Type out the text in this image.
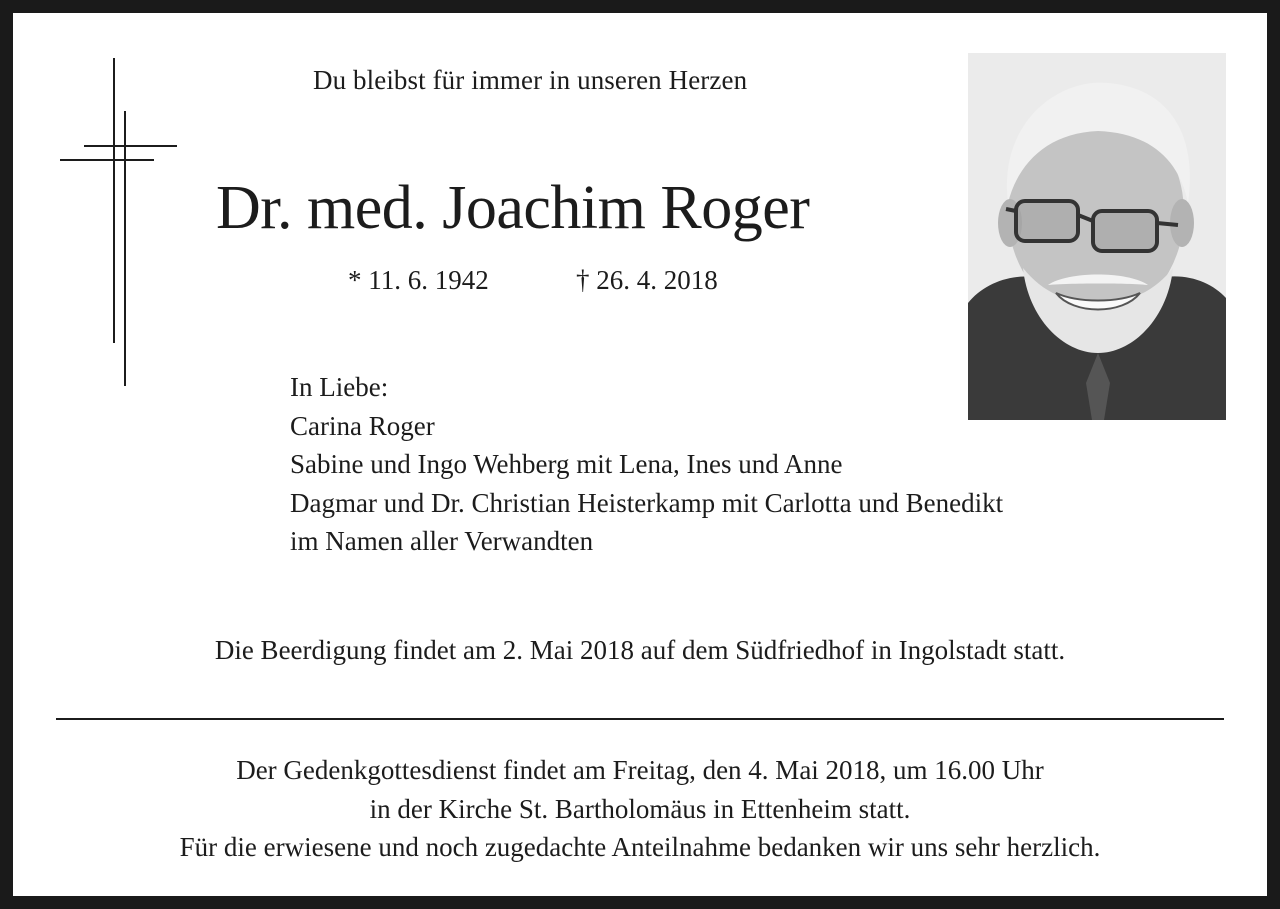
Du bleibst für immer in unseren Herzen
Dr. med. Joachim Roger
* 11. 6. 1942	† 26. 4. 2018
In Liebe:
Carina Roger
Sabine und Ingo Wehberg mit Lena, Ines und Anne
Dagmar und Dr. Christian Heisterkamp mit Carlotta und Benedikt
im Namen aller Verwandten
Die Beerdigung findet am 2. Mai 2018 auf dem Südfriedhof in Ingolstadt statt.
Der Gedenkgottesdienst findet am Freitag, den 4. Mai 2018, um 16.00 Uhr
in der Kirche St. Bartholomäus in Ettenheim statt.
Für die erwiesene und noch zugedachte Anteilnahme bedanken wir uns sehr herzlich.
